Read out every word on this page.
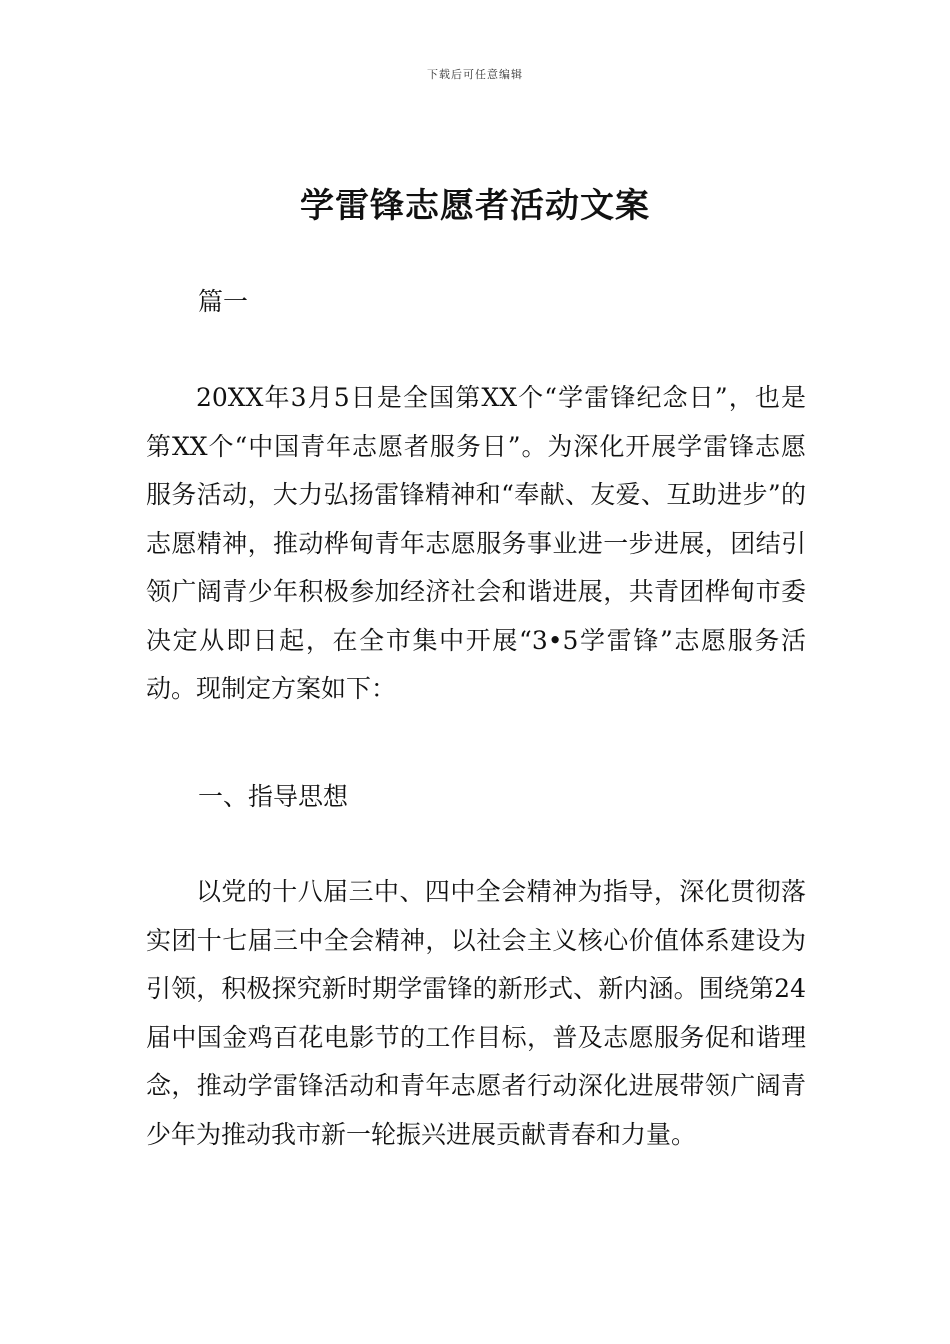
下载后可任意编辑
学雷锋志愿者活动文案

篇一

20XX年3月5日是全国第XX个“学雷锋纪念日”，也是第XX个“中国青年志愿者服务日”。为深化开展学雷锋志愿服务活动，大力弘扬雷锋精神和“奉献、友爱、互助进步”的志愿精神，推动桦甸青年志愿服务事业进一步进展，团结引领广阔青少年积极参加经济社会和谐进展，共青团桦甸市委决定从即日起，在全市集中开展“3•5学雷锋”志愿服务活动。现制定方案如下：

一、指导思想

以党的十八届三中、四中全会精神为指导，深化贯彻落实团十七届三中全会精神，以社会主义核心价值体系建设为引领，积极探究新时期学雷锋的新形式、新内涵。围绕第24届中国金鸡百花电影节的工作目标，普及志愿服务促和谐理念，推动学雷锋活动和青年志愿者行动深化进展带领广阔青少年为推动我市新一轮振兴进展贡献青春和力量。
